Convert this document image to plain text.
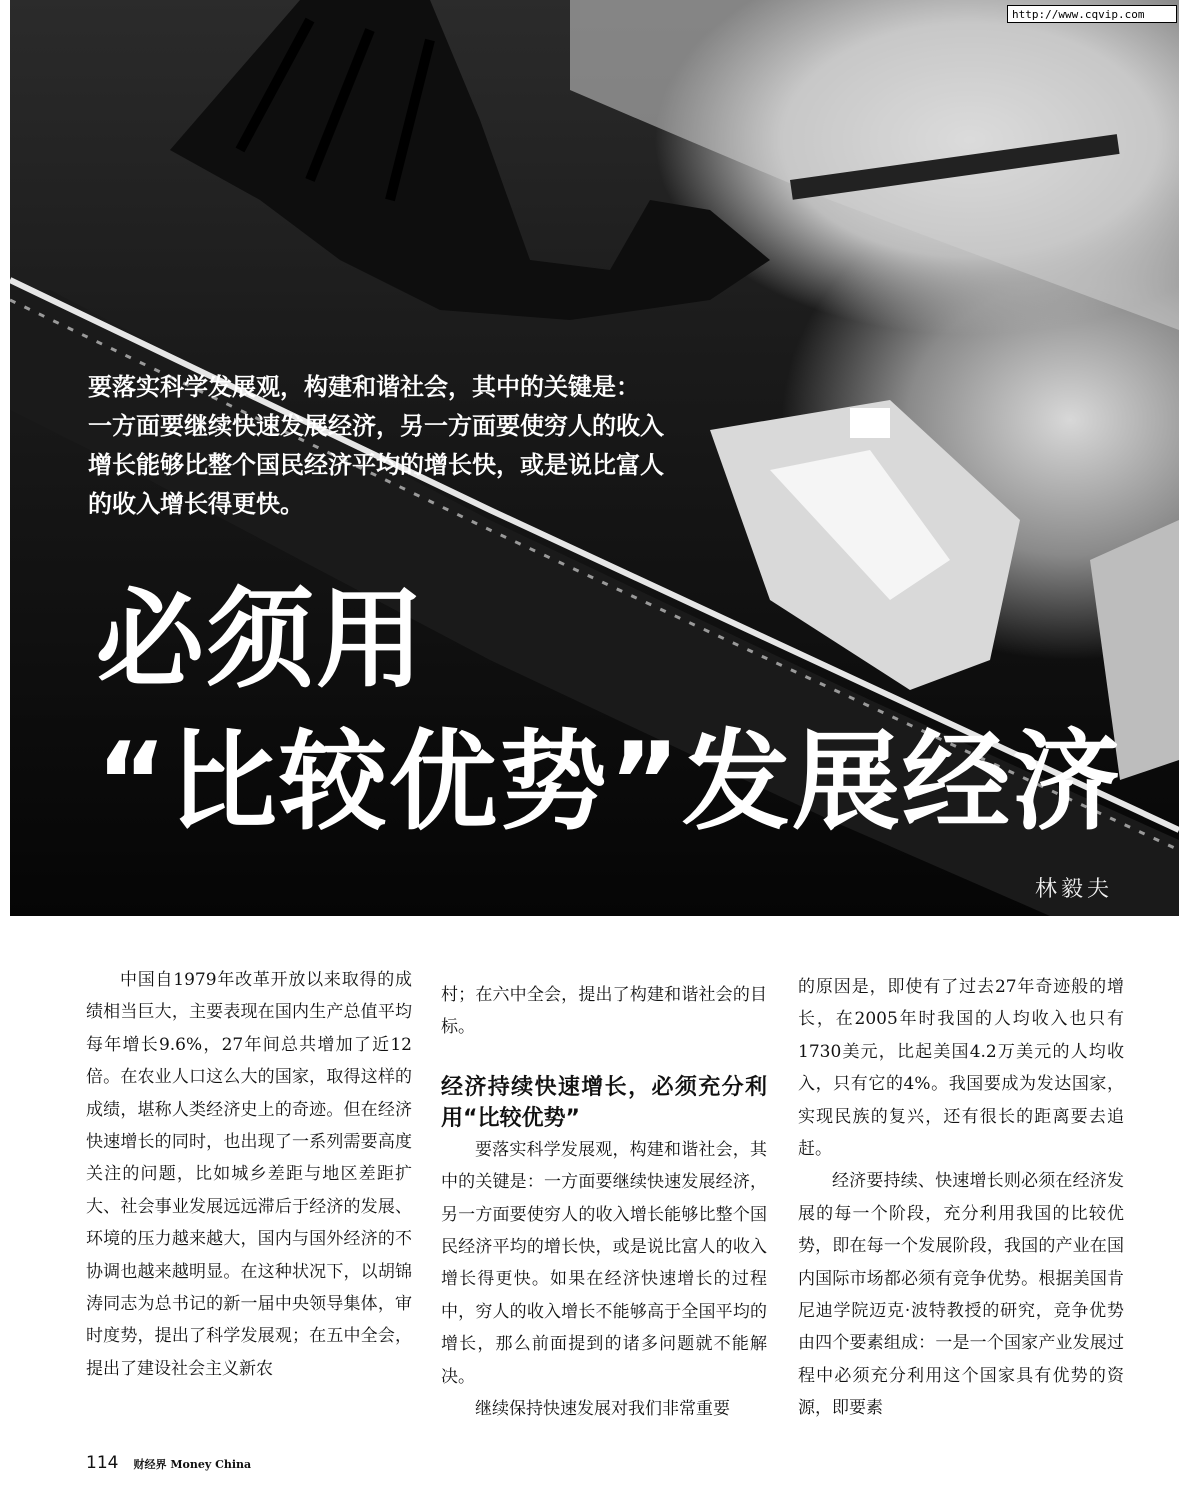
http://www.cqvip.com

要落实科学发展观，构建和谐社会，其中的关键是：

一方面要继续快速发展经济，另一方面要使穷人的收入

增长能够比整个国民经济平均的增长快，或是说比富人

的收入增长得更快。

必须用
“比较优势”发展经济
林毅夫

中国自1979年改革开放以来取得的成绩相当巨大，主要表现在国内生产总值平均每年增长9.6%，27年间总共增加了近12倍。在农业人口这么大的国家，取得这样的成绩，堪称人类经济史上的奇迹。但在经济快速增长的同时，也出现了一系列需要高度关注的问题，比如城乡差距与地区差距扩大、社会事业发展远远滞后于经济的发展、环境的压力越来越大，国内与国外经济的不协调也越来越明显。在这种状况下，以胡锦涛同志为总书记的新一届中央领导集体，审时度势，提出了科学发展观；在五中全会，提出了建设社会主义新农

村；在六中全会，提出了构建和谐社会的目标。

经济持续快速增长，必须充分利用“比较优势”

要落实科学发展观，构建和谐社会，其中的关键是：一方面要继续快速发展经济，另一方面要使穷人的收入增长能够比整个国民经济平均的增长快，或是说比富人的收入增长得更快。如果在经济快速增长的过程中，穷人的收入增长不能够高于全国平均的增长，那么前面提到的诸多问题就不能解决。

继续保持快速发展对我们非常重要

的原因是，即使有了过去27年奇迹般的增长，在2005年时我国的人均收入也只有1730美元，比起美国4.2万美元的人均收入，只有它的4%。我国要成为发达国家，实现民族的复兴，还有很长的距离要去追赶。

经济要持续、快速增长则必须在经济发展的每一个阶段，充分利用我国的比较优势，即在每一个发展阶段，我国的产业在国内国际市场都必须有竞争优势。根据美国肯尼迪学院迈克·波特教授的研究，竞争优势由四个要素组成：一是一个国家产业发展过程中必须充分利用这个国家具有优势的资源，即要素

114 财经界 Money China
